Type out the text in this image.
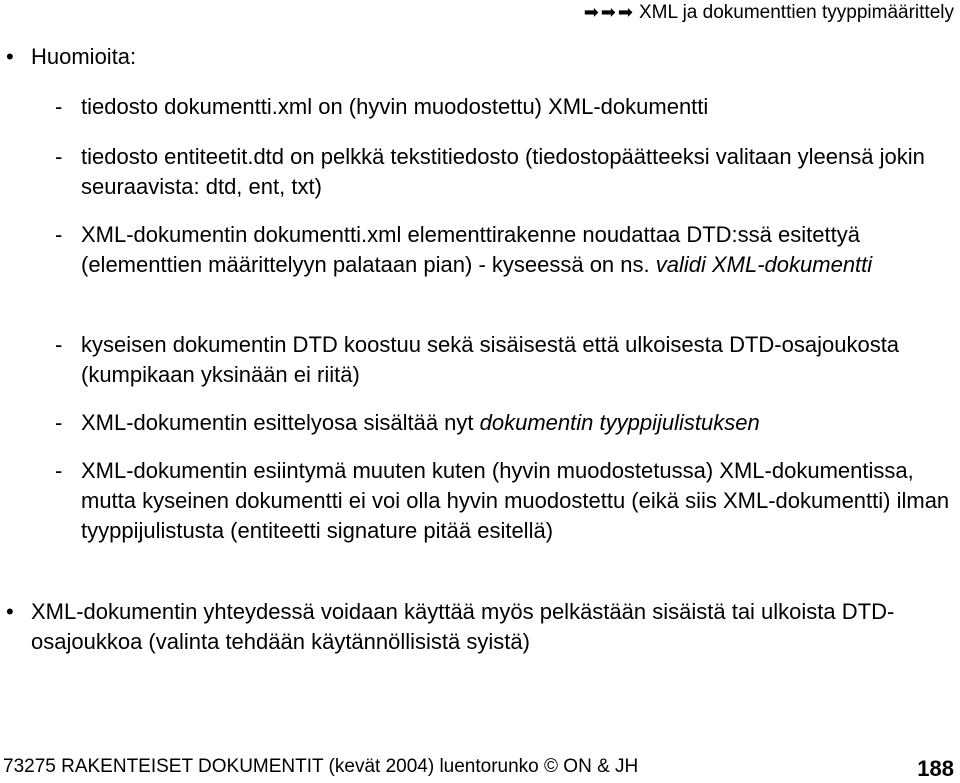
➡➡➡ XML ja dokumenttien tyyppimäärittely
• Huomioita:
- tiedosto dokumentti.xml on (hyvin muodostettu) XML-dokumentti
- tiedosto entiteetit.dtd on pelkkä tekstitiedosto (tiedostopäätteeksi valitaan yleensä jokin seuraavista: dtd, ent, txt)
- XML-dokumentin dokumentti.xml elementtirakenne noudattaa DTD:ssä esitettyä (elementtien määrittelyyn palataan pian) - kyseessä on ns. validi XML-dokumentti
- kyseisen dokumentin DTD koostuu sekä sisäisestä että ulkoisesta DTD-osajoukosta (kumpikaan yksinään ei riitä)
- XML-dokumentin esittelyosa sisältää nyt dokumentin tyyppijulistuksen
- XML-dokumentin esiintymä muuten kuten (hyvin muodostetussa) XML-dokumentissa, mutta kyseinen dokumentti ei voi olla hyvin muodostettu (eikä siis XML-dokumentti) ilman tyyppijulistusta (entiteetti signature pitää esitellä)
• XML-dokumentin yhteydessä voidaan käyttää myös pelkästään sisäistä tai ulkoista DTD-osajoukkoa (valinta tehdään käytännöllisistä syistä)
73275 RAKENTEISET DOKUMENTIT (kevät 2004) luentorunko © ON & JH	188
